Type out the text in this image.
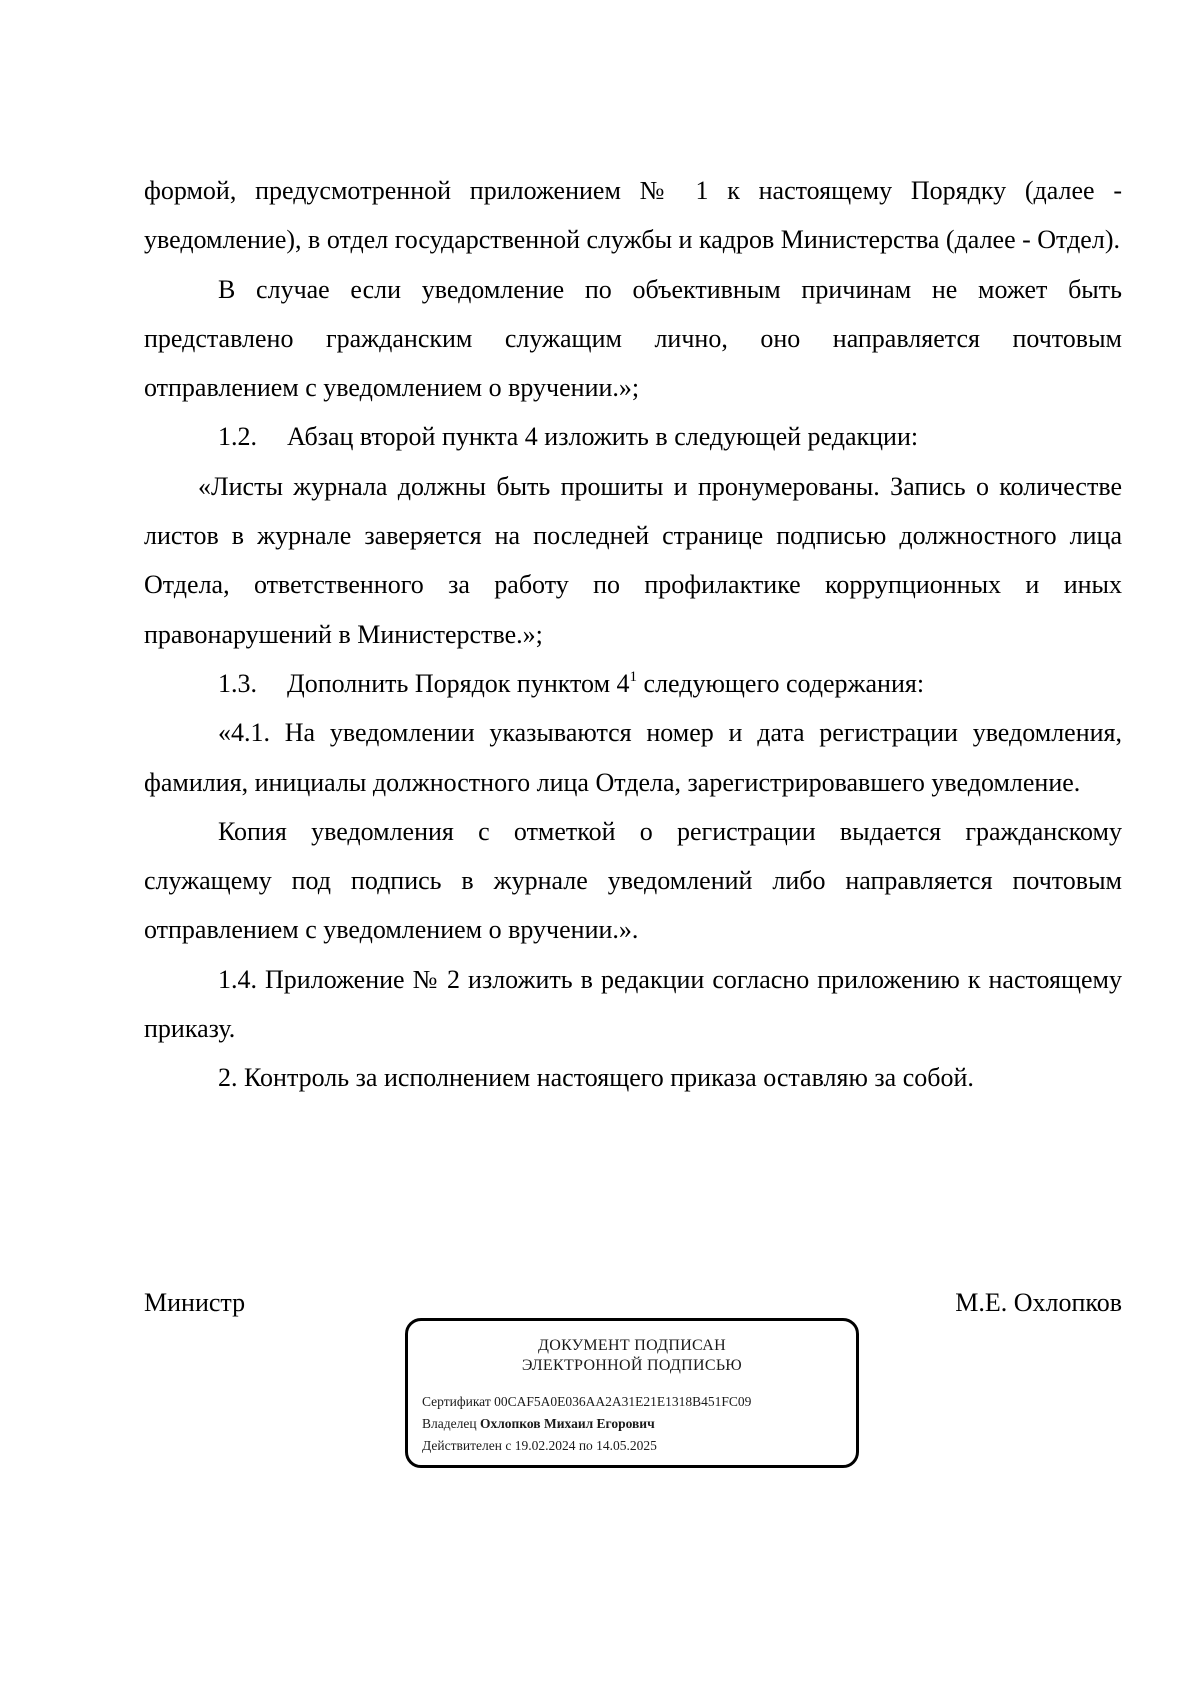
формой, предусмотренной приложением № 1 к настоящему Порядку (далее - уведомление), в отдел государственной службы и кадров Министерства (далее - Отдел).

В случае если уведомление по объективным причинам не может быть представлено гражданским служащим лично, оно направляется почтовым отправлением с уведомлением о вручении.»;

1.2. Абзац второй пункта 4 изложить в следующей редакции:

«Листы журнала должны быть прошиты и пронумерованы. Запись о количестве листов в журнале заверяется на последней странице подписью должностного лица Отдела, ответственного за работу по профилактике коррупционных и иных правонарушений в Министерстве.»;

1.3. Дополнить Порядок пунктом $4^1$ следующего содержания:

«4.1. На уведомлении указываются номер и дата регистрации уведомления, фамилия, инициалы должностного лица Отдела, зарегистрировавшего уведомление.

Копия уведомления с отметкой о регистрации выдается гражданскому служащему под подпись в журнале уведомлений либо направляется почтовым отправлением с уведомлением о вручении.».

1.4. Приложение № 2 изложить в редакции согласно приложению к настоящему приказу.

2. Контроль за исполнением настоящего приказа оставляю за собой.

Министр	М.Е. Охлопков
ДОКУМЕНТ ПОДПИСАН
ЭЛЕКТРОННОЙ ПОДПИСЬЮ
Сертификат 00CAF5A0E036AA2A31E21E1318B451FC09
Владелец Охлопков Михаил Егорович
Действителен с 19.02.2024 по 14.05.2025
